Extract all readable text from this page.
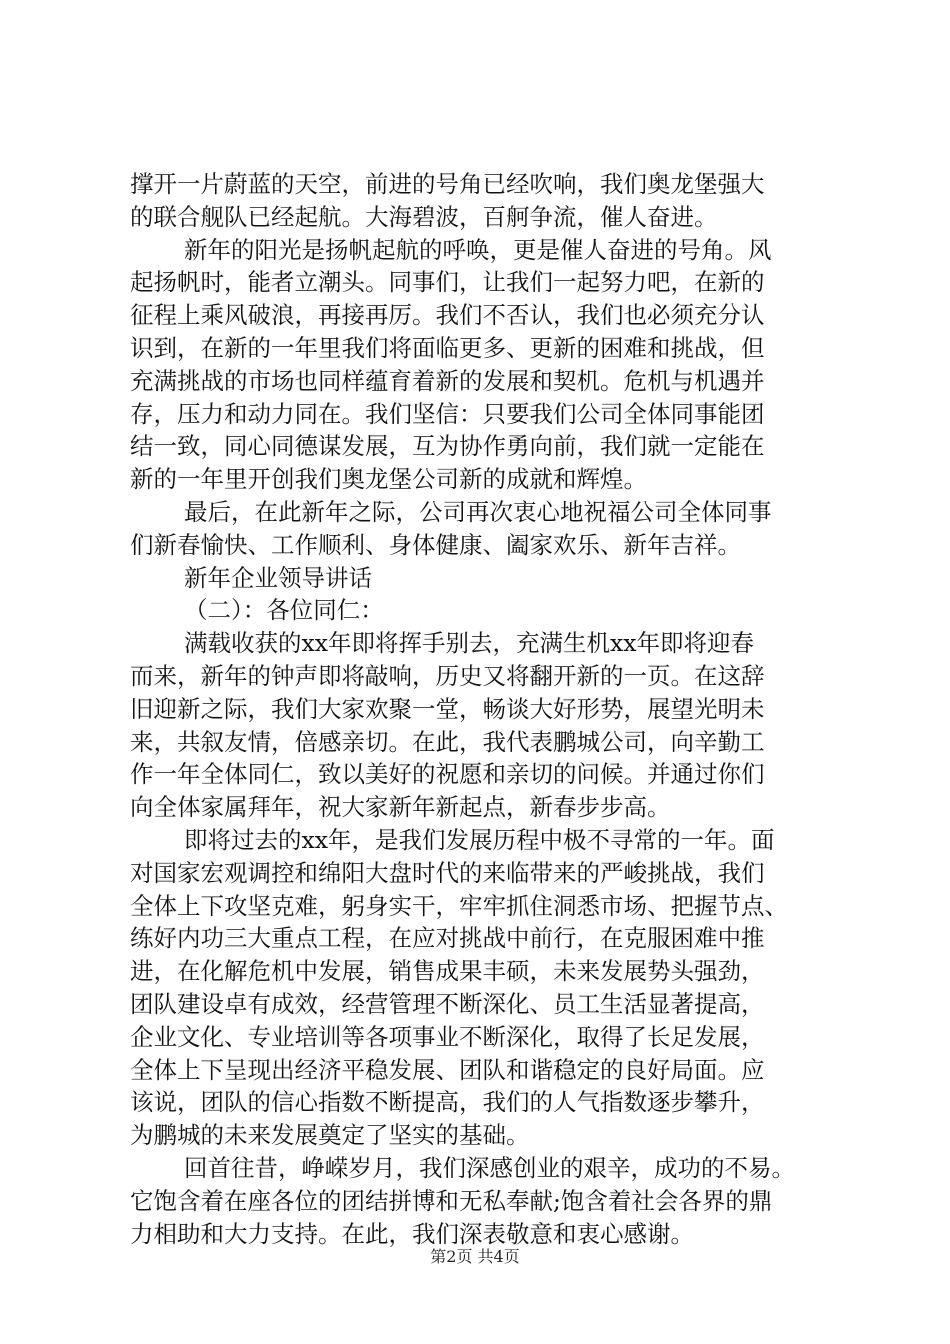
撑开一片蔚蓝的天空，前进的号角已经吹响，我们奥龙堡强大
的联合舰队已经起航。大海碧波，百舸争流，催人奋进。

新年的阳光是扬帆起航的呼唤，更是催人奋进的号角。风
起扬帆时，能者立潮头。同事们，让我们一起努力吧，在新的
征程上乘风破浪，再接再厉。我们不否认，我们也必须充分认
识到，在新的一年里我们将面临更多、更新的困难和挑战，但
充满挑战的市场也同样蕴育着新的发展和契机。危机与机遇并
存，压力和动力同在。我们坚信：只要我们公司全体同事能团
结一致，同心同德谋发展，互为协作勇向前，我们就一定能在
新的一年里开创我们奥龙堡公司新的成就和辉煌。

最后，在此新年之际，公司再次衷心地祝福公司全体同事
们新春愉快、工作顺利、身体健康、阖家欢乐、新年吉祥。

新年企业领导讲话

（二）：各位同仁：

满载收获的xx年即将挥手别去，充满生机xx年即将迎春
而来，新年的钟声即将敲响，历史又将翻开新的一页。在这辞
旧迎新之际，我们大家欢聚一堂，畅谈大好形势，展望光明未
来，共叙友情，倍感亲切。在此，我代表鹏城公司，向辛勤工
作一年全体同仁，致以美好的祝愿和亲切的问候。并通过你们
向全体家属拜年，祝大家新年新起点，新春步步高。

即将过去的xx年，是我们发展历程中极不寻常的一年。面
对国家宏观调控和绵阳大盘时代的来临带来的严峻挑战，我们
全体上下攻坚克难，躬身实干，牢牢抓住洞悉市场、把握节点、
练好内功三大重点工程，在应对挑战中前行，在克服困难中推
进，在化解危机中发展，销售成果丰硕，未来发展势头强劲，
团队建设卓有成效，经营管理不断深化、员工生活显著提高，
企业文化、专业培训等各项事业不断深化，取得了长足发展，
全体上下呈现出经济平稳发展、团队和谐稳定的良好局面。应
该说，团队的信心指数不断提高，我们的人气指数逐步攀升，
为鹏城的未来发展奠定了坚实的基础。

回首往昔，峥嵘岁月，我们深感创业的艰辛，成功的不易。
它饱含着在座各位的团结拼博和无私奉献;饱含着社会各界的鼎
力相助和大力支持。在此，我们深表敬意和衷心感谢。

第2页 共4页
